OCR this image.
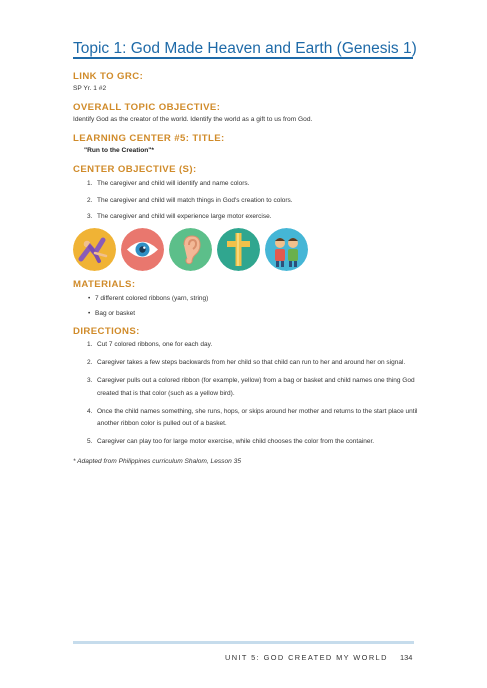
Topic 1: God Made Heaven and Earth (Genesis 1)
LINK TO GRC:
SP Yr. 1 #2
OVERALL TOPIC OBJECTIVE:
Identify God as the creator of the world. Identify the world as a gift to us from God.
LEARNING CENTER #5: TITLE:
"Run to the Creation"*
CENTER OBJECTIVE (S):
1. The caregiver and child will identify and name colors.
2. The caregiver and child will match things in God's creation to colors.
3. The caregiver and child will experience large motor exercise.
MATERIALS:
• 7 different colored ribbons (yarn, string)
• Bag or basket
DIRECTIONS:
1. Cut 7 colored ribbons, one for each day.
2. Caregiver takes a few steps backwards from her child so that child can run to her and around her on signal.
3. Caregiver pulls out a colored ribbon (for example, yellow) from a bag or basket and child names one thing God created that is that color (such as a yellow bird).
4. Once the child names something, she runs, hops, or skips around her mother and returns to the start place until another ribbon color is pulled out of a basket.
5. Caregiver can play too for large motor exercise, while child chooses the color from the container.
* Adapted from Philippines curriculum Shalom, Lesson 35
UNIT 5: GOD CREATED MY WORLD 134
